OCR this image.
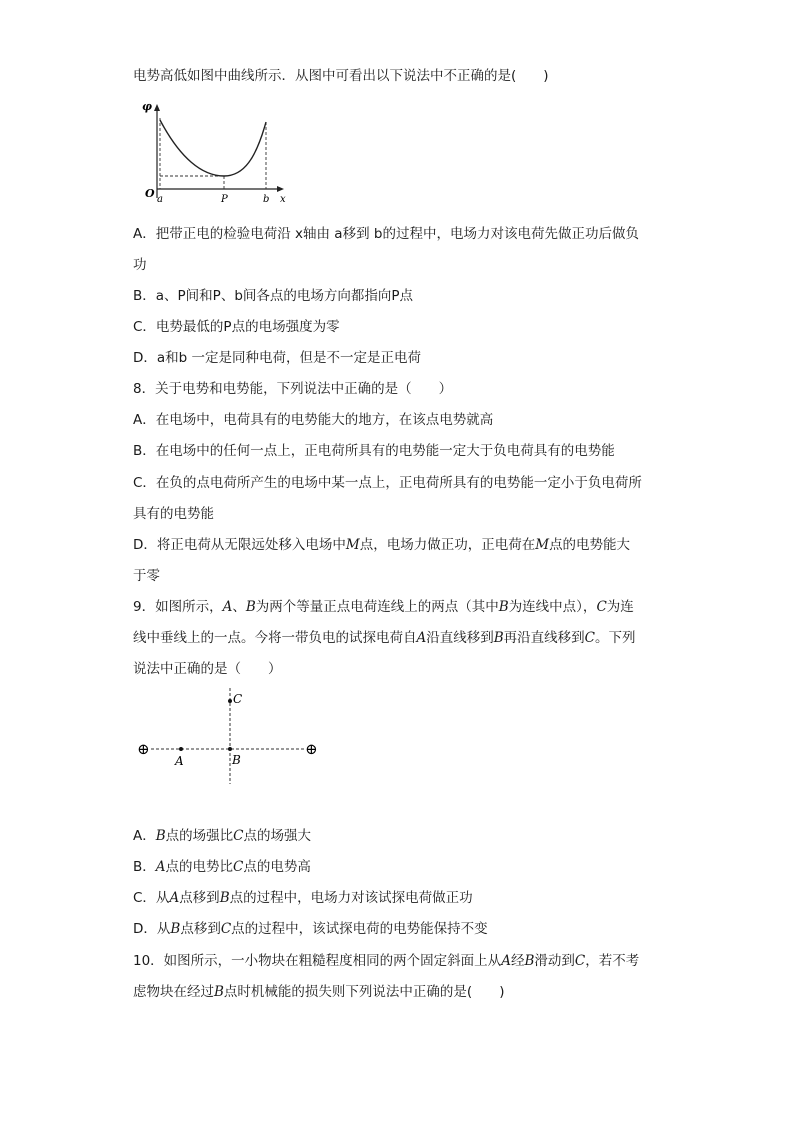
电势高低如图中曲线所示．从图中可看出以下说法中不正确的是(　　)
φ
O a	P	b x
A．把带正电的检验电荷沿 x轴由 a移到 b的过程中，电场力对该电荷先做正功后做负
功
B．a、P间和P、b间各点的电场方向都指向P点
C．电势最低的P点的电场强度为零
D．a和b 一定是同种电荷，但是不一定是正电荷
8．关于电势和电势能，下列说法中正确的是（　　）
A．在电场中，电荷具有的电势能大的地方，在该点电势就高
B．在电场中的任何一点上，正电荷所具有的电势能一定大于负电荷具有的电势能
C．在负的点电荷所产生的电场中某一点上，正电荷所具有的电势能一定小于负电荷所
具有的电势能
D．将正电荷从无限远处移入电场中M点，电场力做正功，正电荷在M点的电势能大
于零
9．如图所示，A、B为两个等量正点电荷连线上的两点（其中B为连线中点），C为连
线中垂线上的一点。今将一带负电的试探电荷自A沿直线移到B再沿直线移到C。下列
说法中正确的是（　　）
⊕	⊕
A	B
C
A．B点的场强比C点的场强大
B．A点的电势比C点的电势高
C．从A点移到B点的过程中，电场力对该试探电荷做正功
D．从B点移到C点的过程中，该试探电荷的电势能保持不变
10．如图所示，一小物块在粗糙程度相同的两个固定斜面上从A经B滑动到C，若不考
虑物块在经过B点时机械能的损失则下列说法中正确的是(　　)
